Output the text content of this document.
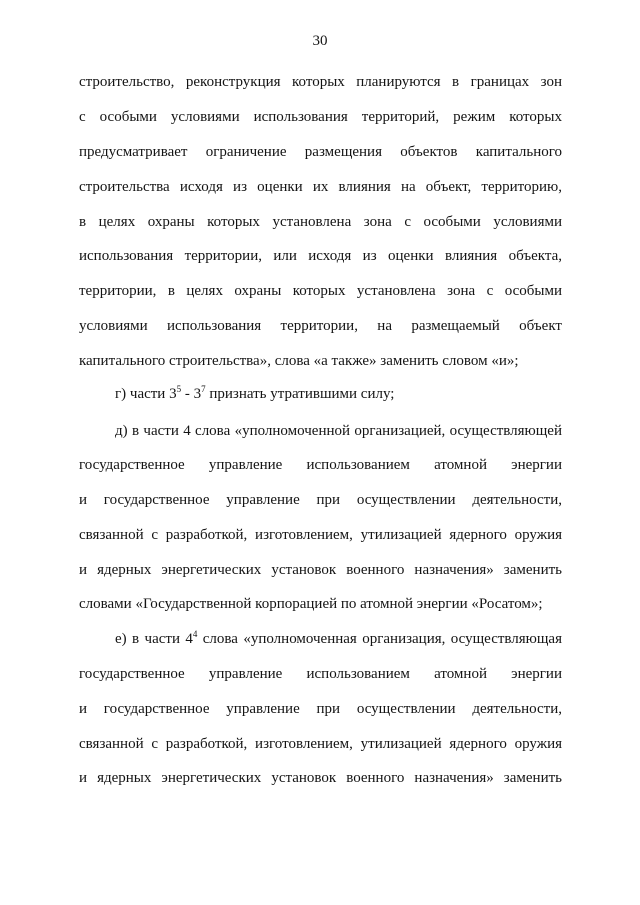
30
строительство, реконструкция которых планируются в границах зон
с особыми условиями использования территорий, режим которых
предусматривает ограничение размещения объектов капитального
строительства исходя из оценки их влияния на объект, территорию,
в целях охраны которых установлена зона с особыми условиями
использования территории, или исходя из оценки влияния объекта,
территории, в целях охраны которых установлена зона с особыми
условиями использования территории, на размещаемый объект
капитального строительства», слова «а также» заменить словом «и»;
г) части $3^5 - 3^7$ признать утратившими силу;
д) в части 4 слова «уполномоченной организацией, осуществляющей
государственное управление использованием атомной энергии
и государственное управление при осуществлении деятельности,
связанной с разработкой, изготовлением, утилизацией ядерного оружия
и ядерных энергетических установок военного назначения» заменить
словами «Государственной корпорацией по атомной энергии «Росатом»;
е) в части $4^4$ слова «уполномоченная организация, осуществляющая
государственное управление использованием атомной энергии
и государственное управление при осуществлении деятельности,
связанной с разработкой, изготовлением, утилизацией ядерного оружия
и ядерных энергетических установок военного назначения» заменить
